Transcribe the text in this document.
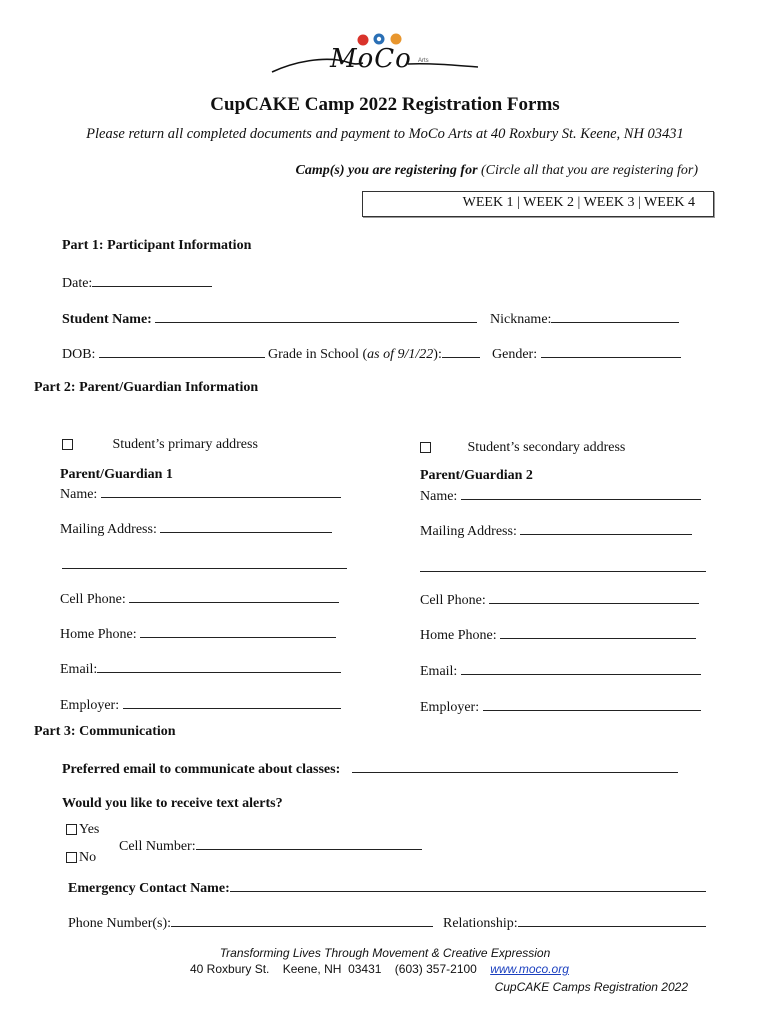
MoCo Arts
CupCAKE Camp 2022 Registration Forms
Please return all completed documents and payment to MoCo Arts at 40 Roxbury St. Keene, NH 03431
Camp(s) you are registering for (Circle all that you are registering for)
WEEK 1 | WEEK 2 | WEEK 3 | WEEK 4
Part 1: Participant Information
Date:
Student Name:	Nickname:
DOB:	Grade in School (as of 9/1/22):	Gender:
Part 2: Parent/Guardian Information
Student’s primary address
Parent/Guardian 1
Name:
Mailing Address:
Cell Phone:
Home Phone:
Email:
Employer:
Student’s secondary address
Parent/Guardian 2
Name:
Mailing Address:
Cell Phone:
Home Phone:
Email:
Employer:
Part 3: Communication
Preferred email to communicate about classes:
Would you like to receive text alerts?
Yes
No
Cell Number:
Emergency Contact Name:
Phone Number(s):	Relationship:
Transforming Lives Through Movement & Creative Expression
40 Roxbury St.    Keene, NH  03431    (603) 357-2100 www.moco.org
CupCAKE Camps Registration 2022
